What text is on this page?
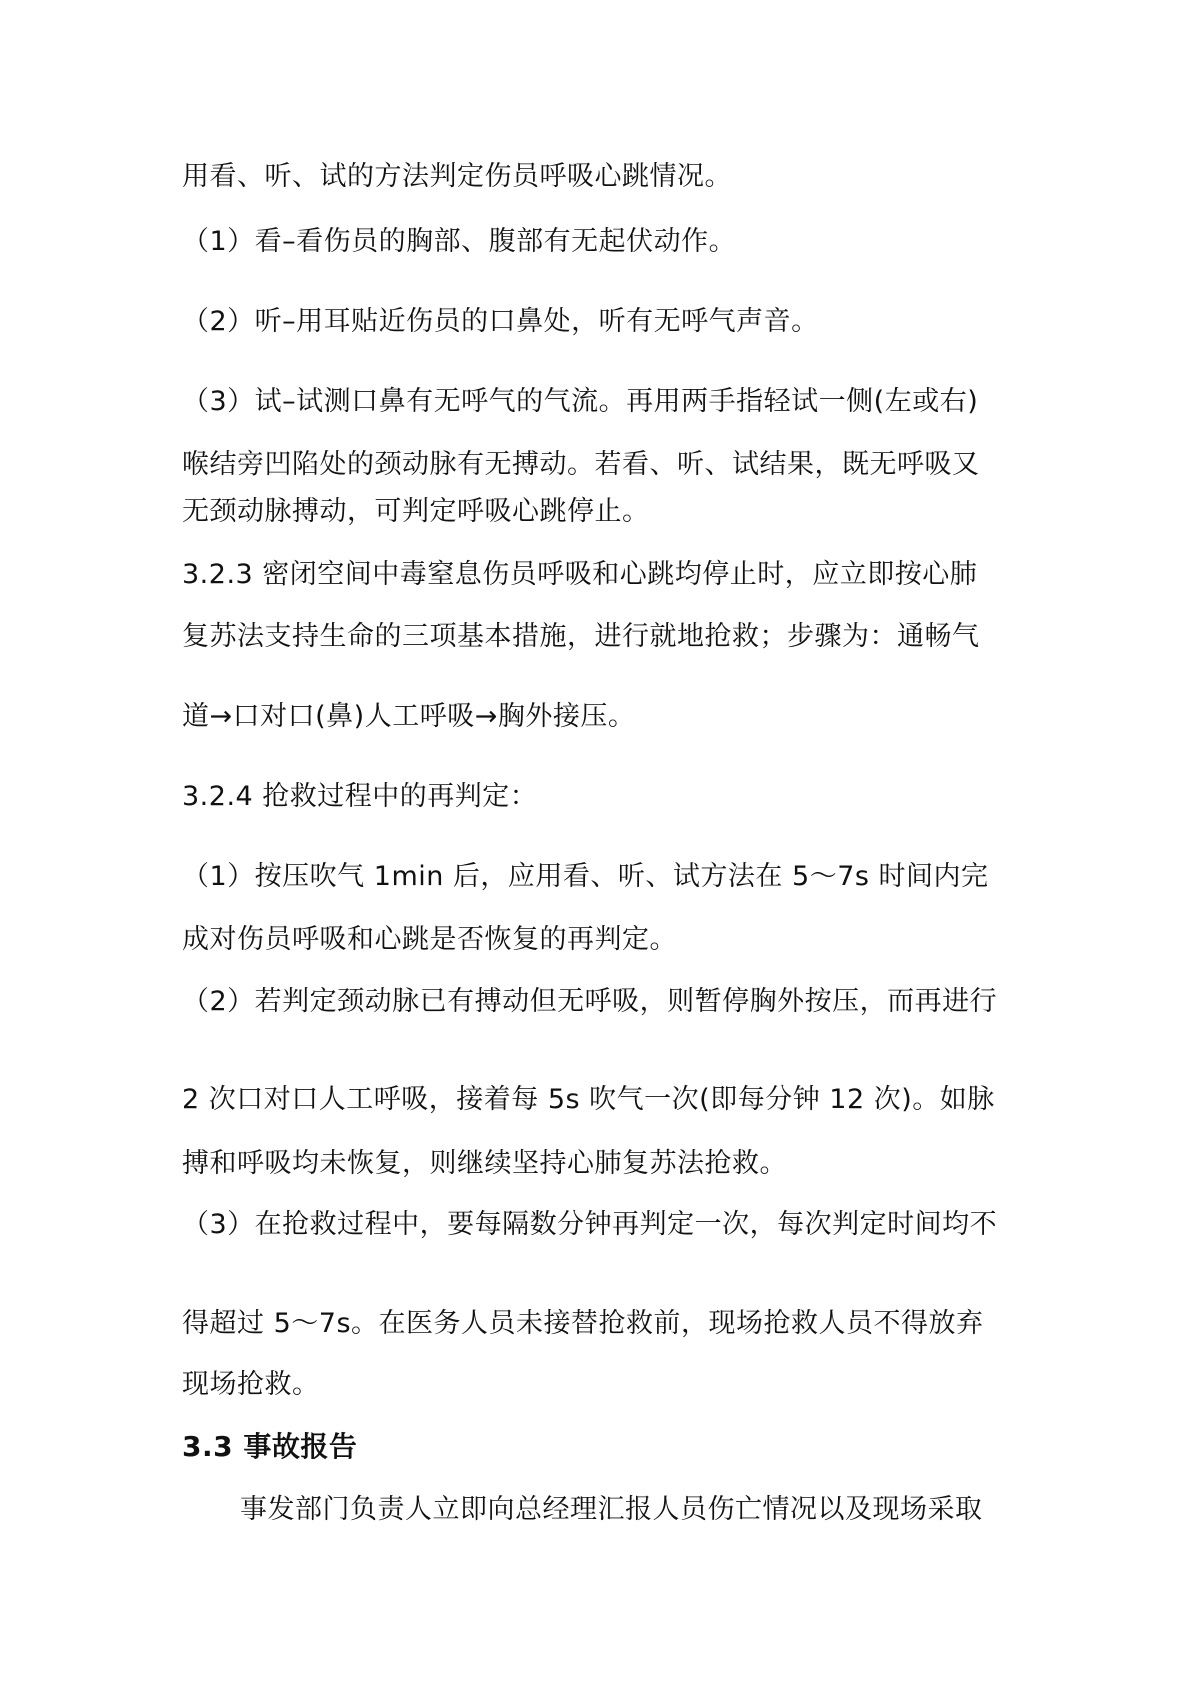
用看、听、试的方法判定伤员呼吸心跳情况。
（1）看–看伤员的胸部、腹部有无起伏动作。
（2）听–用耳贴近伤员的口鼻处，听有无呼气声音。
（3）试–试测口鼻有无呼气的气流。再用两手指轻试一侧(左或右)
喉结旁凹陷处的颈动脉有无搏动。若看、听、试结果，既无呼吸又
无颈动脉搏动，可判定呼吸心跳停止。
3.2.3 密闭空间中毒窒息伤员呼吸和心跳均停止时，应立即按心肺
复苏法支持生命的三项基本措施，进行就地抢救；步骤为：通畅气
道→口对口(鼻)人工呼吸→胸外接压。
3.2.4 抢救过程中的再判定：
（1）按压吹气 1min 后，应用看、听、试方法在 5〜7s 时间内完
成对伤员呼吸和心跳是否恢复的再判定。
（2）若判定颈动脉已有搏动但无呼吸，则暂停胸外按压，而再进行
2 次口对口人工呼吸，接着每 5s 吹气一次(即每分钟 12 次)。如脉
搏和呼吸均未恢复，则继续坚持心肺复苏法抢救。
（3）在抢救过程中，要每隔数分钟再判定一次，每次判定时间均不
得超过 5〜7s。在医务人员未接替抢救前，现场抢救人员不得放弃
现场抢救。
3.3 事故报告
事发部门负责人立即向总经理汇报人员伤亡情况以及现场采取
